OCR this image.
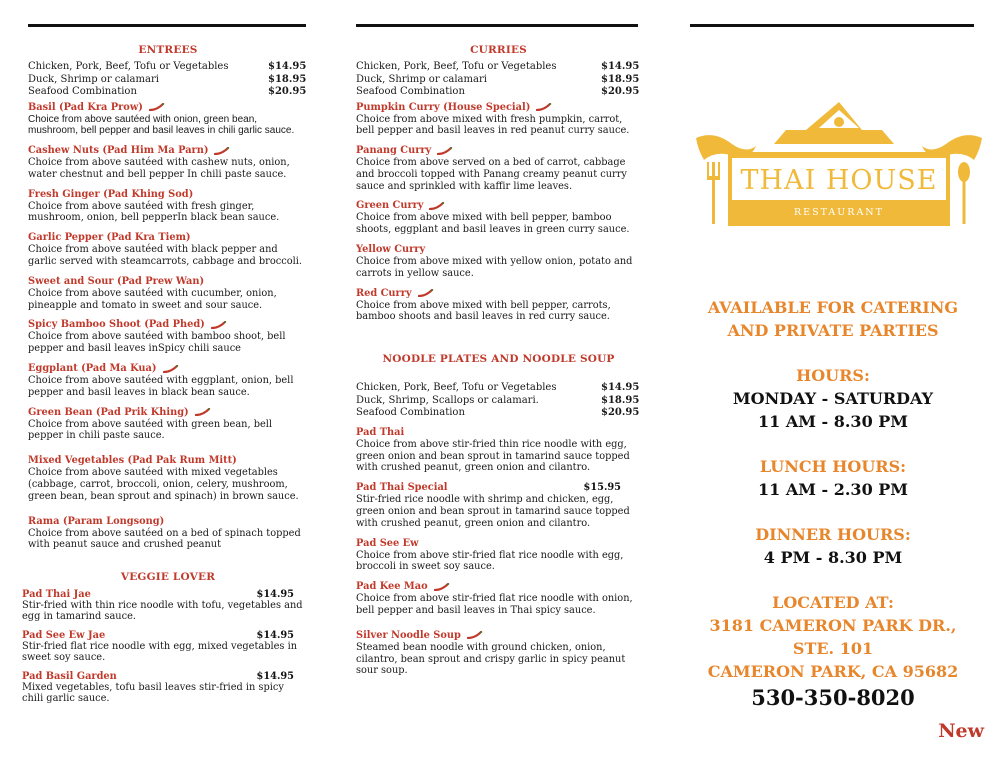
ENTREES
Chicken, Pork, Beef, Tofu or Vegetables	$14.95
Duck, Shrimp or calamari	$18.95
Seafood Combination	$20.95
Basil (Pad Kra Prow)
Choice from above sautéed with onion, green bean, mushroom, bell pepper and basil leaves in chili garlic sauce.
Cashew Nuts (Pad Him Ma Parn)
Choice from above sautéed with cashew nuts, onion, water chestnut and bell pepper In chili paste sauce.
Fresh Ginger (Pad Khing Sod)
Choice from above sautéed with fresh ginger, mushroom, onion, bell pepperIn black bean sauce.
Garlic Pepper (Pad Kra Tiem)
Choice from above sautéed with black pepper and garlic served with steamcarrots, cabbage and broccoli.
Sweet and Sour (Pad Prew Wan)
Choice from above sautéed with cucumber, onion, pineapple and tomato in sweet and sour sauce.
Spicy Bamboo Shoot (Pad Phed)
Choice from above sautéed with bamboo shoot, bell pepper and basil leaves inSpicy chili sauce
Eggplant (Pad Ma Kua)
Choice from above sautéed with eggplant, onion, bell pepper and basil leaves in black bean sauce.
Green Bean (Pad Prik Khing)
Choice from above sautéed with green bean, bell pepper in chili paste sauce.
Mixed Vegetables (Pad Pak Rum Mitt)
Choice from above sautéed with mixed vegetables (cabbage, carrot, broccoli, onion, celery, mushroom, green bean, bean sprout and spinach) in brown sauce.
Rama (Param Longsong)
Choice from above sautéed on a bed of spinach topped with peanut sauce and crushed peanut
VEGGIE LOVER
Pad Thai Jae	$14.95
Stir-fried with thin rice noodle with tofu, vegetables and egg in tamarind sauce.
Pad See Ew Jae	$14.95
Stir-fried flat rice noodle with egg, mixed vegetables in sweet soy sauce.
Pad Basil Garden	$14.95
Mixed vegetables, tofu basil leaves stir-fried in spicy chili garlic sauce.
CURRIES
Chicken, Pork, Beef, Tofu or Vegetables	$14.95
Duck, Shrimp or calamari	$18.95
Seafood Combination	$20.95
Pumpkin Curry (House Special)
Choice from above mixed with fresh pumpkin, carrot, bell pepper and basil leaves in red peanut curry sauce.
Panang Curry
Choice from above served on a bed of carrot, cabbage and broccoli topped with Panang creamy peanut curry sauce and sprinkled with kaffir lime leaves.
Green Curry
Choice from above mixed with bell pepper, bamboo shoots, eggplant and basil leaves in green curry sauce.
Yellow Curry
Choice from above mixed with yellow onion, potato and carrots in yellow sauce.
Red Curry
Choice from above mixed with bell pepper, carrots, bamboo shoots and basil leaves in red curry sauce.
NOODLE PLATES AND NOODLE SOUP
Chicken, Pork, Beef, Tofu or Vegetables	$14.95
Duck, Shrimp, Scallops or calamari.	$18.95
Seafood Combination	$20.95
Pad Thai
Choice from above stir-fried thin rice noodle with egg, green onion and bean sprout in tamarind sauce topped with crushed peanut, green onion and cilantro.
Pad Thai Special	$15.95
Stir-fried rice noodle with shrimp and chicken, egg, green onion and bean sprout in tamarind sauce topped with crushed peanut, green onion and cilantro.
Pad See Ew
Choice from above stir-fried flat rice noodle with egg, broccoli in sweet soy sauce.
Pad Kee Mao
Choice from above stir-fried flat rice noodle with onion, bell pepper and basil leaves in Thai spicy sauce.
Silver Noodle Soup
Steamed bean noodle with ground chicken, onion, cilantro, bean sprout and crispy garlic in spicy peanut sour soup.
THAI HOUSE
RESTAURANT
AVAILABLE FOR CATERING
AND PRIVATE PARTIES
HOURS:
MONDAY - SATURDAY
11 AM - 8.30 PM
LUNCH HOURS:
11 AM - 2.30 PM
DINNER HOURS:
4 PM - 8.30 PM
LOCATED AT:
3181 CAMERON PARK DR., STE. 101
CAMERON PARK, CA 95682
530-350-8020
New
